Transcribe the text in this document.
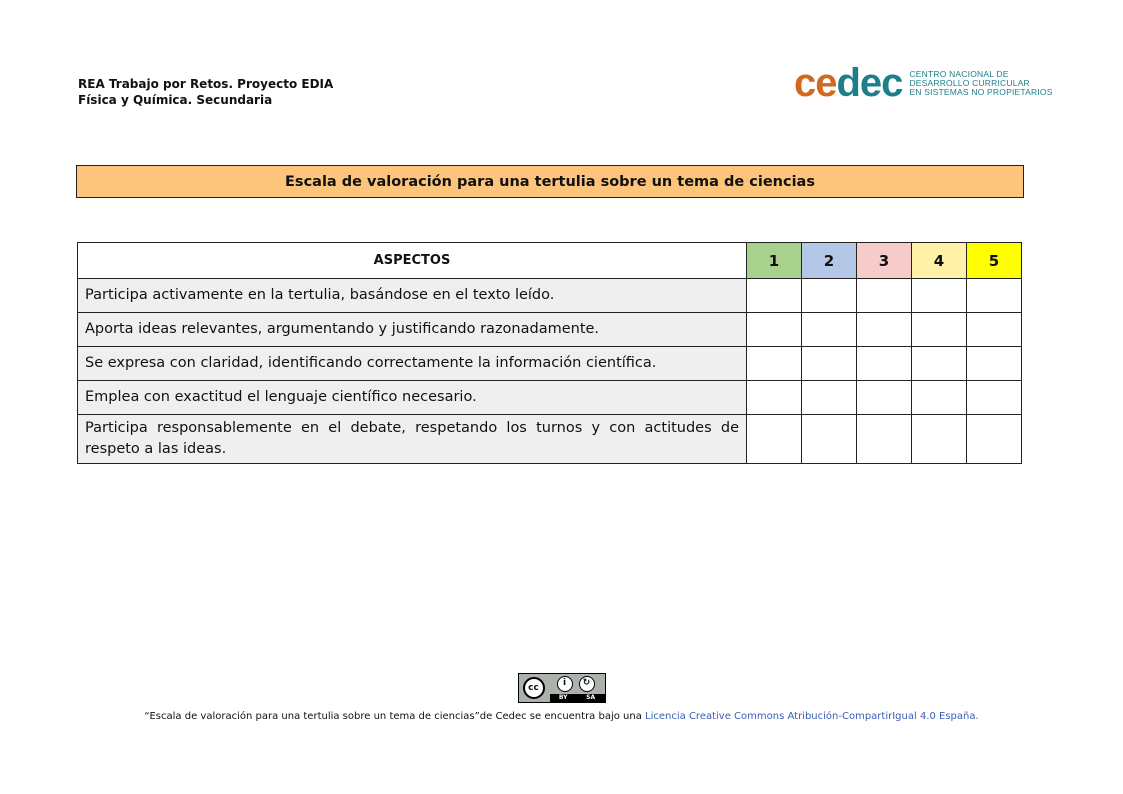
REA Trabajo por Retos. Proyecto EDIA
Física y Química. Secundaria	cedec CENTRO NACIONAL DE
DESARROLLO CURRICULAR
EN SISTEMAS NO PROPIETARIOS
Escala de valoración para una tertulia sobre un tema de ciencias
ASPECTOS	1	2	3	4	5
Participa activamente en la tertulia, basándose en el texto leído.					
Aporta ideas relevantes, argumentando y justificando razonadamente.					
Se expresa con claridad, identificando correctamente la información científica.					
Emplea con exactitud el lenguaje científico necesario.					
Participa responsablemente en el debate, respetando los turnos y con actitudes de respeto a las ideas.					
cc	i	↻
BY	SA
“Escala de valoración para una tertulia sobre un tema de ciencias”de Cedec se encuentra bajo una Licencia Creative Commons Atribución-CompartirIgual 4.0 España.
